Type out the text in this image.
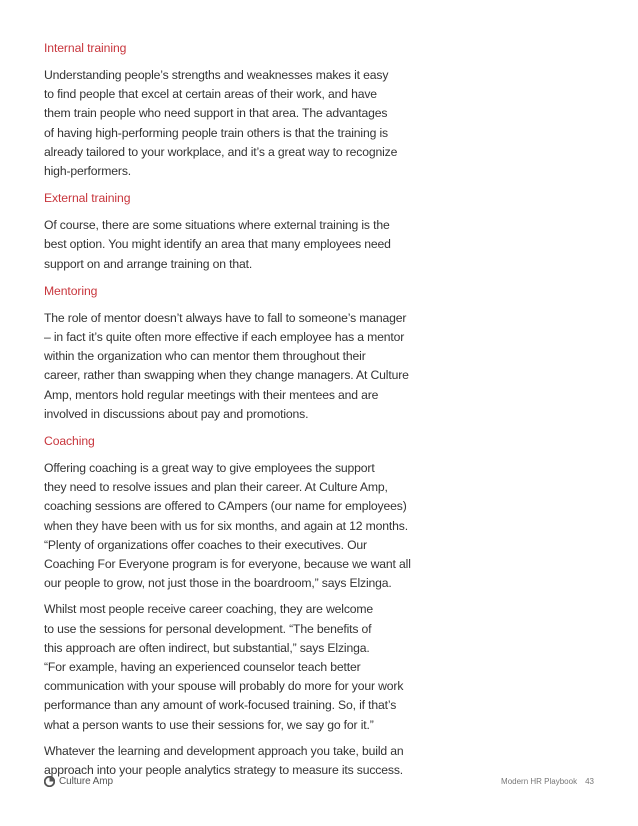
Internal training

Understanding people’s strengths and weaknesses makes it easy
to find people that excel at certain areas of their work, and have
them train people who need support in that area. The advantages
of having high-performing people train others is that the training is
already tailored to your workplace, and it’s a great way to recognize
high-performers.

External training

Of course, there are some situations where external training is the
best option. You might identify an area that many employees need
support on and arrange training on that.

Mentoring

The role of mentor doesn’t always have to fall to someone’s manager
– in fact it’s quite often more effective if each employee has a mentor
within the organization who can mentor them throughout their
career, rather than swapping when they change managers. At Culture
Amp, mentors hold regular meetings with their mentees and are
involved in discussions about pay and promotions.

Coaching

Offering coaching is a great way to give employees the support
they need to resolve issues and plan their career. At Culture Amp,
coaching sessions are offered to CAmpers (our name for employees)
when they have been with us for six months, and again at 12 months.
“Plenty of organizations offer coaches to their executives. Our
Coaching For Everyone program is for everyone, because we want all
our people to grow, not just those in the boardroom,” says Elzinga.

Whilst most people receive career coaching, they are welcome
to use the sessions for personal development. “The benefits of
this approach are often indirect, but substantial,” says Elzinga.
“For example, having an experienced counselor teach better
communication with your spouse will probably do more for your work
performance than any amount of work-focused training. So, if that’s
what a person wants to use their sessions for, we say go for it.”

Whatever the learning and development approach you take, build an
approach into your people analytics strategy to measure its success.

Culture Amp	Modern HR Playbook 43
